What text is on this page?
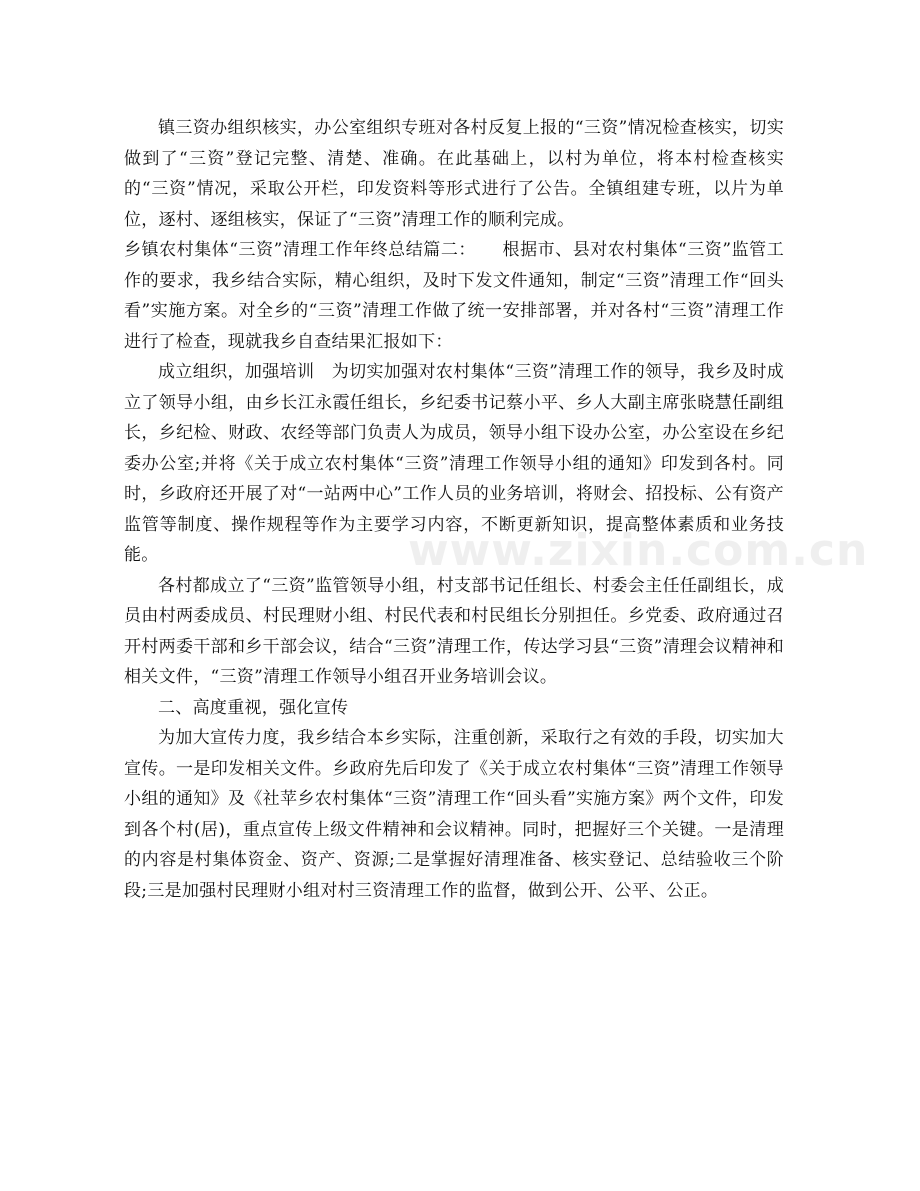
镇三资办组织核实，办公室组织专班对各村反复上报的“三资”情况检查核实，切实做到了“三资”登记完整、清楚、准确。在此基础上，以村为单位，将本村检查核实的“三资”情况，采取公开栏，印发资料等形式进行了公告。全镇组建专班，以片为单位，逐村、逐组核实，保证了“三资”清理工作的顺利完成。

乡镇农村集体“三资”清理工作年终总结篇二：　　根据市、县对农村集体“三资”监管工作的要求，我乡结合实际，精心组织，及时下发文件通知，制定“三资”清理工作“回头看”实施方案。对全乡的“三资”清理工作做了统一安排部署，并对各村“三资”清理工作进行了检查，现就我乡自查结果汇报如下：

成立组织，加强培训　为切实加强对农村集体“三资”清理工作的领导，我乡及时成立了领导小组，由乡长江永霞任组长，乡纪委书记蔡小平、乡人大副主席张晓慧任副组长，乡纪检、财政、农经等部门负责人为成员，领导小组下设办公室，办公室设在乡纪委办公室;并将《关于成立农村集体“三资”清理工作领导小组的通知》印发到各村。同时，乡政府还开展了对“一站两中心”工作人员的业务培训，将财会、招投标、公有资产监管等制度、操作规程等作为主要学习内容，不断更新知识，提高整体素质和业务技能。

各村都成立了“三资”监管领导小组，村支部书记任组长、村委会主任任副组长，成员由村两委成员、村民理财小组、村民代表和村民组长分别担任。乡党委、政府通过召开村两委干部和乡干部会议，结合“三资”清理工作，传达学习县“三资”清理会议精神和相关文件，“三资”清理工作领导小组召开业务培训会议。

二、高度重视，强化宣传

为加大宣传力度，我乡结合本乡实际，注重创新，采取行之有效的手段，切实加大宣传。一是印发相关文件。乡政府先后印发了《关于成立农村集体“三资”清理工作领导小组的通知》及《社苹乡农村集体“三资”清理工作“回头看”实施方案》两个文件，印发到各个村(居)，重点宣传上级文件精神和会议精神。同时，把握好三个关键。一是清理的内容是村集体资金、资产、资源;二是掌握好清理准备、核实登记、总结验收三个阶段;三是加强村民理财小组对村三资清理工作的监督，做到公开、公平、公正。

www.zixin.com.cn
